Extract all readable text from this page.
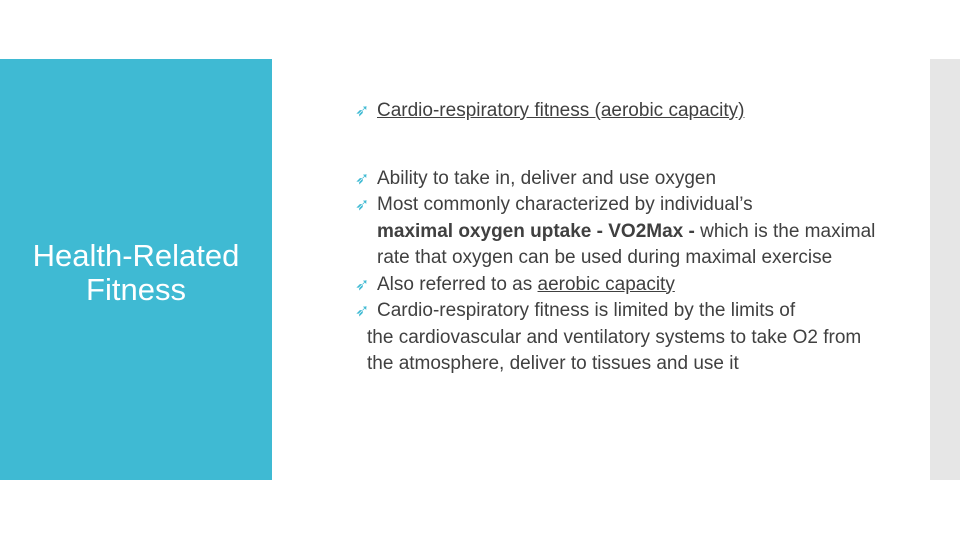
Health-Related Fitness
➶ Cardio-respiratory fitness (aerobic capacity)
➶ Ability to take in, deliver and use oxygen
➶ Most commonly characterized by individual’s
maximal oxygen uptake - VO2Max - which is the maximal rate that oxygen can be used during maximal exercise
➶ Also referred to as aerobic capacity
➶ Cardio-respiratory fitness is limited by the limits of
the cardiovascular and ventilatory systems to take O2 from the atmosphere, deliver to tissues and use it
